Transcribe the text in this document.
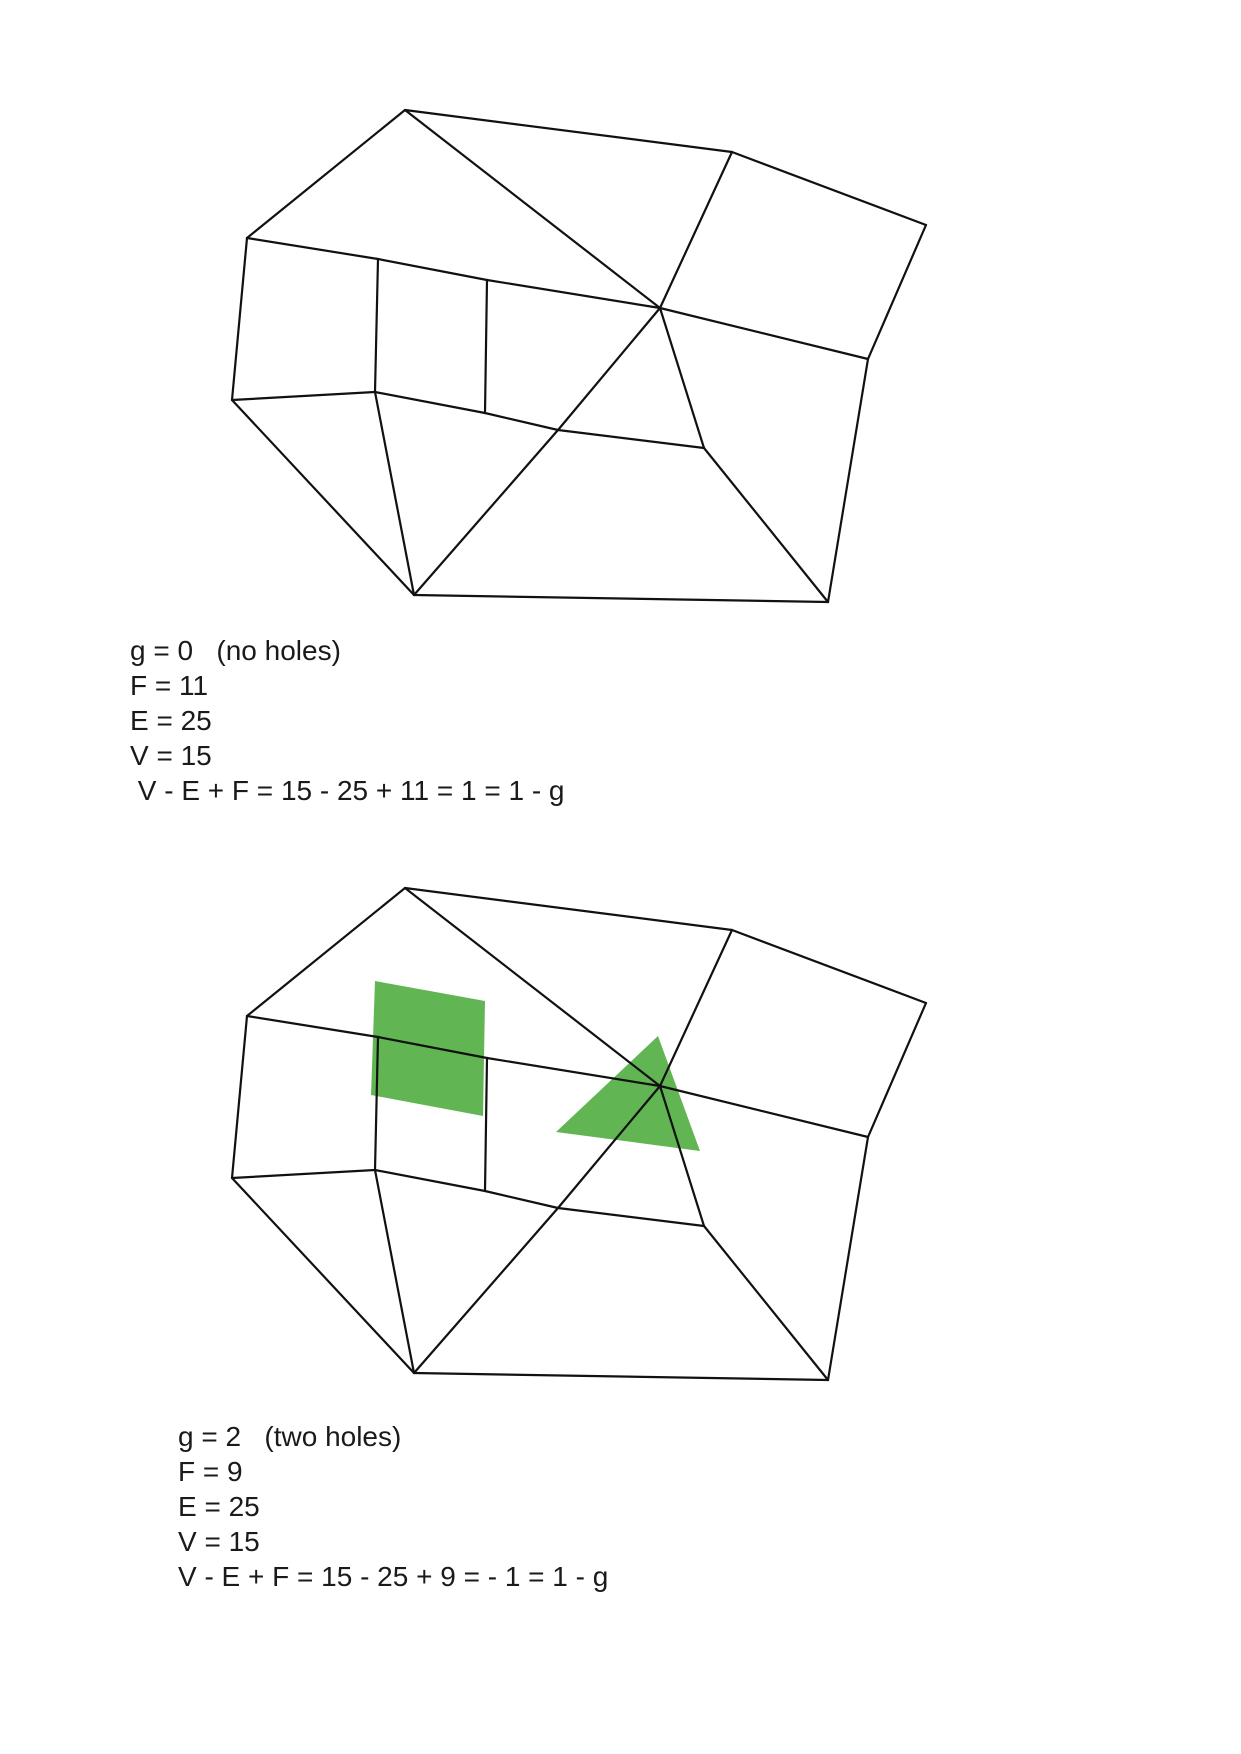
g = 0   (no holes)
F = 11
E = 25
V = 15
V - E + F = 15 - 25 + 11 = 1 = 1 - g
g = 2   (two holes)
F = 9
E = 25
V = 15
V - E + F = 15 - 25 + 9 = - 1 = 1 - g
